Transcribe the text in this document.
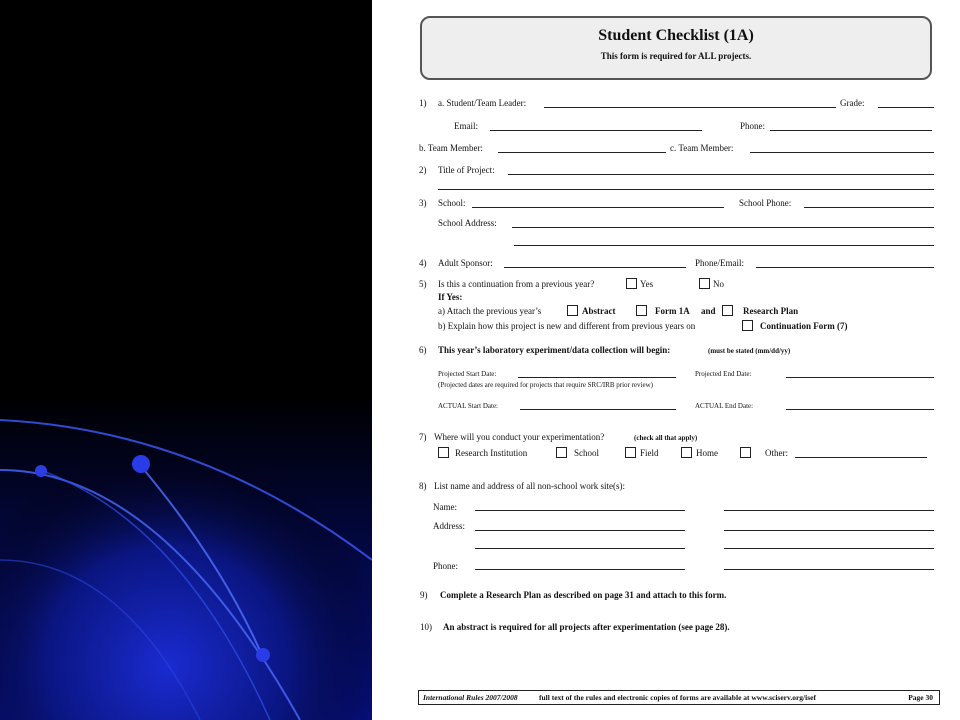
Student Checklist (1A)
This form is required for ALL projects.
1) a. Student/Team Leader:	Grade:
Email:	Phone:
b. Team Member:	c. Team Member:
2) Title of Project:
3) School:	School Phone:
School Address:
4) Adult Sponsor:	Phone/Email:
5) Is this a continuation from a previous year?	Yes	No
If Yes:
a) Attach the previous year’s	Abstract	Form 1A and	Research Plan
b) Explain how this project is new and different from previous years on	Continuation Form (7)
6) This year’s laboratory experiment/data collection will begin:	(must be stated (mm/dd/yy)
Projected Start Date:	Projected End Date:
(Projected dates are required for projects that require SRC/IRB prior review)
ACTUAL Start Date:	ACTUAL End Date:
7) Where will you conduct your experimentation?	(check all that apply)
Research Institution	School	Field	Home	Other:
8) List name and address of all non-school work site(s):
Name:
Address:
Phone:
9) Complete a Research Plan as described on page 31 and attach to this form.
10) An abstract is required for all projects after experimentation (see page 28).
International Rules 2007/2008	full text of the rules and electronic copies of forms are available at www.sciserv.org/isef	Page 30
